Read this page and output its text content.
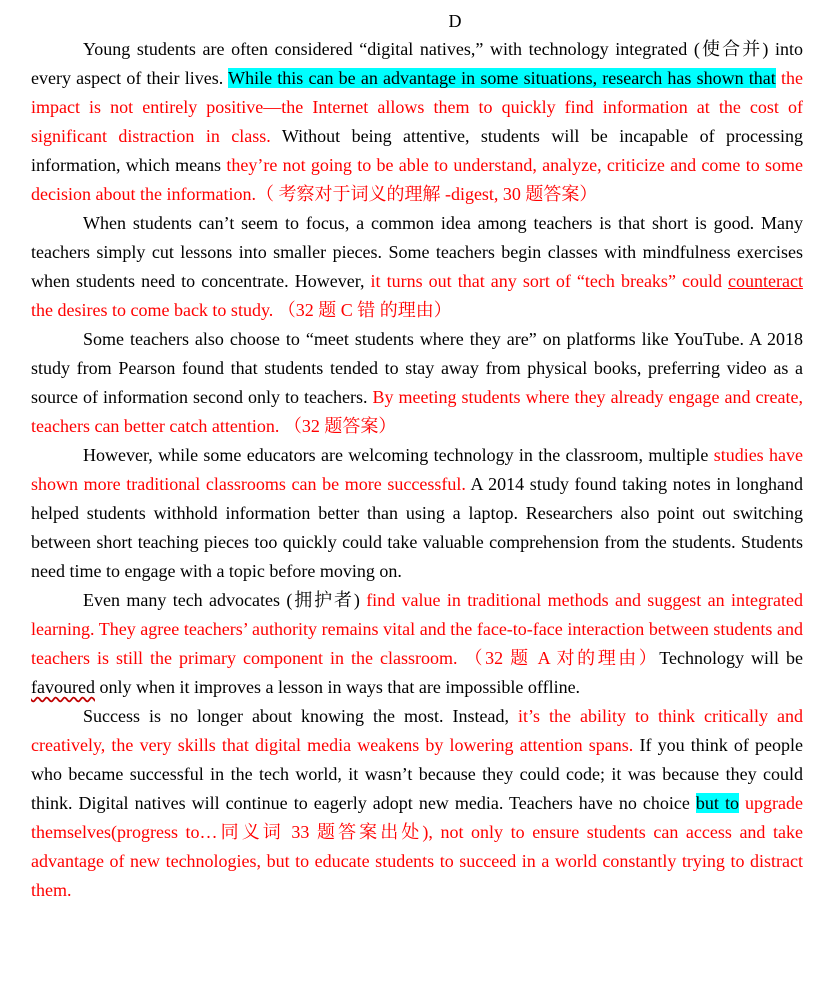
D

Young students are often considered “digital natives,” with technology integrated (使合并) into every aspect of their lives. While this can be an advantage in some situations, research has shown that the impact is not entirely positive—the Internet allows them to quickly find information at the cost of significant distraction in class. Without being attentive, students will be incapable of processing information, which means they’re not going to be able to understand, analyze, criticize and come to some decision about the information.（ 考察对于词义的理解 -digest, 30 题答案）

When students can’t seem to focus, a common idea among teachers is that short is good. Many teachers simply cut lessons into smaller pieces. Some teachers begin classes with mindfulness exercises when students need to concentrate. However, it turns out that any sort of “tech breaks” could counteract the desires to come back to study. （32 题 C 错 的理由）

Some teachers also choose to “meet students where they are” on platforms like YouTube. A 2018 study from Pearson found that students tended to stay away from physical books, preferring video as a source of information second only to teachers. By meeting students where they already engage and create, teachers can better catch attention. （32 题答案）

However, while some educators are welcoming technology in the classroom, multiple studies have shown more traditional classrooms can be more successful. A 2014 study found taking notes in longhand helped students withhold information better than using a laptop. Researchers also point out switching between short teaching pieces too quickly could take valuable comprehension from the students. Students need time to engage with a topic before moving on.

Even many tech advocates (拥护者) find value in traditional methods and suggest an integrated learning. They agree teachers’ authority remains vital and the face-to-face interaction between students and teachers is still the primary component in the classroom. （32 题 A 对的理由）Technology will be favoured only when it improves a lesson in ways that are impossible offline.

Success is no longer about knowing the most. Instead, it’s the ability to think critically and creatively, the very skills that digital media weakens by lowering attention spans. If you think of people who became successful in the tech world, it wasn’t because they could code; it was because they could think. Digital natives will continue to eagerly adopt new media. Teachers have no choice but to upgrade themselves(progress to…同义词 33 题答案出处), not only to ensure students can access and take advantage of new technologies, but to educate students to succeed in a world constantly trying to distract them.
